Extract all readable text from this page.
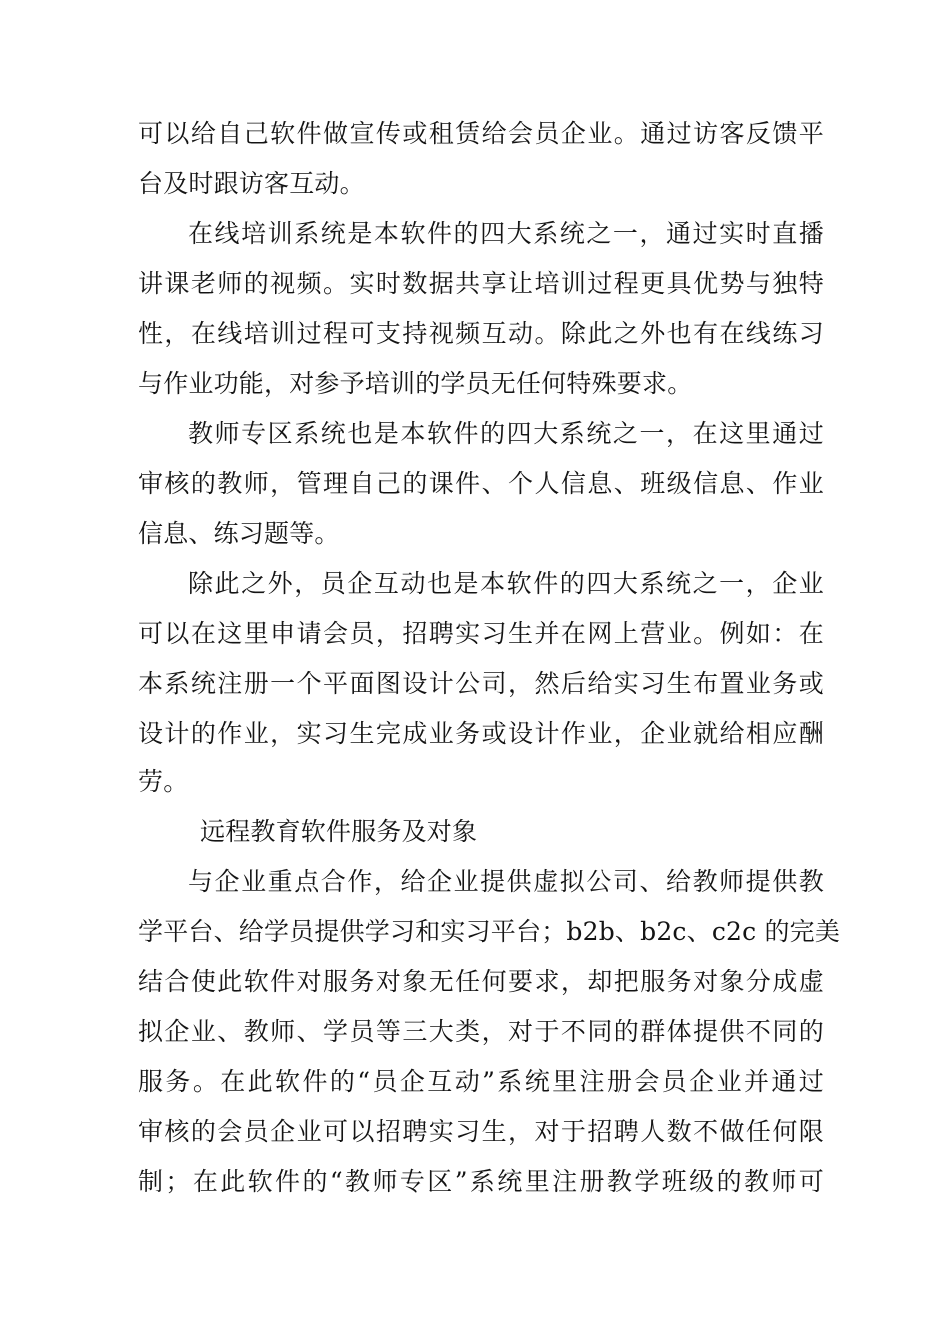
可以给自己软件做宣传或租赁给会员企业。通过访客反馈平
台及时跟访客互动。
在线培训系统是本软件的四大系统之一，通过实时直播
讲课老师的视频。实时数据共享让培训过程更具优势与独特
性，在线培训过程可支持视频互动。除此之外也有在线练习
与作业功能，对参予培训的学员无任何特殊要求。
教师专区系统也是本软件的四大系统之一，在这里通过
审核的教师，管理自己的课件、个人信息、班级信息、作业
信息、练习题等。
除此之外，员企互动也是本软件的四大系统之一，企业
可以在这里申请会员，招聘实习生并在网上营业。例如：在
本系统注册一个平面图设计公司，然后给实习生布置业务或
设计的作业，实习生完成业务或设计作业，企业就给相应酬
劳。
远程教育软件服务及对象
与企业重点合作，给企业提供虚拟公司、给教师提供教
学平台、给学员提供学习和实习平台；b2b、b2c、c2c 的完美
结合使此软件对服务对象无任何要求，却把服务对象分成虚
拟企业、教师、学员等三大类，对于不同的群体提供不同的
服务。在此软件的“员企互动”系统里注册会员企业并通过
审核的会员企业可以招聘实习生，对于招聘人数不做任何限
制；在此软件的“教师专区”系统里注册教学班级的教师可
